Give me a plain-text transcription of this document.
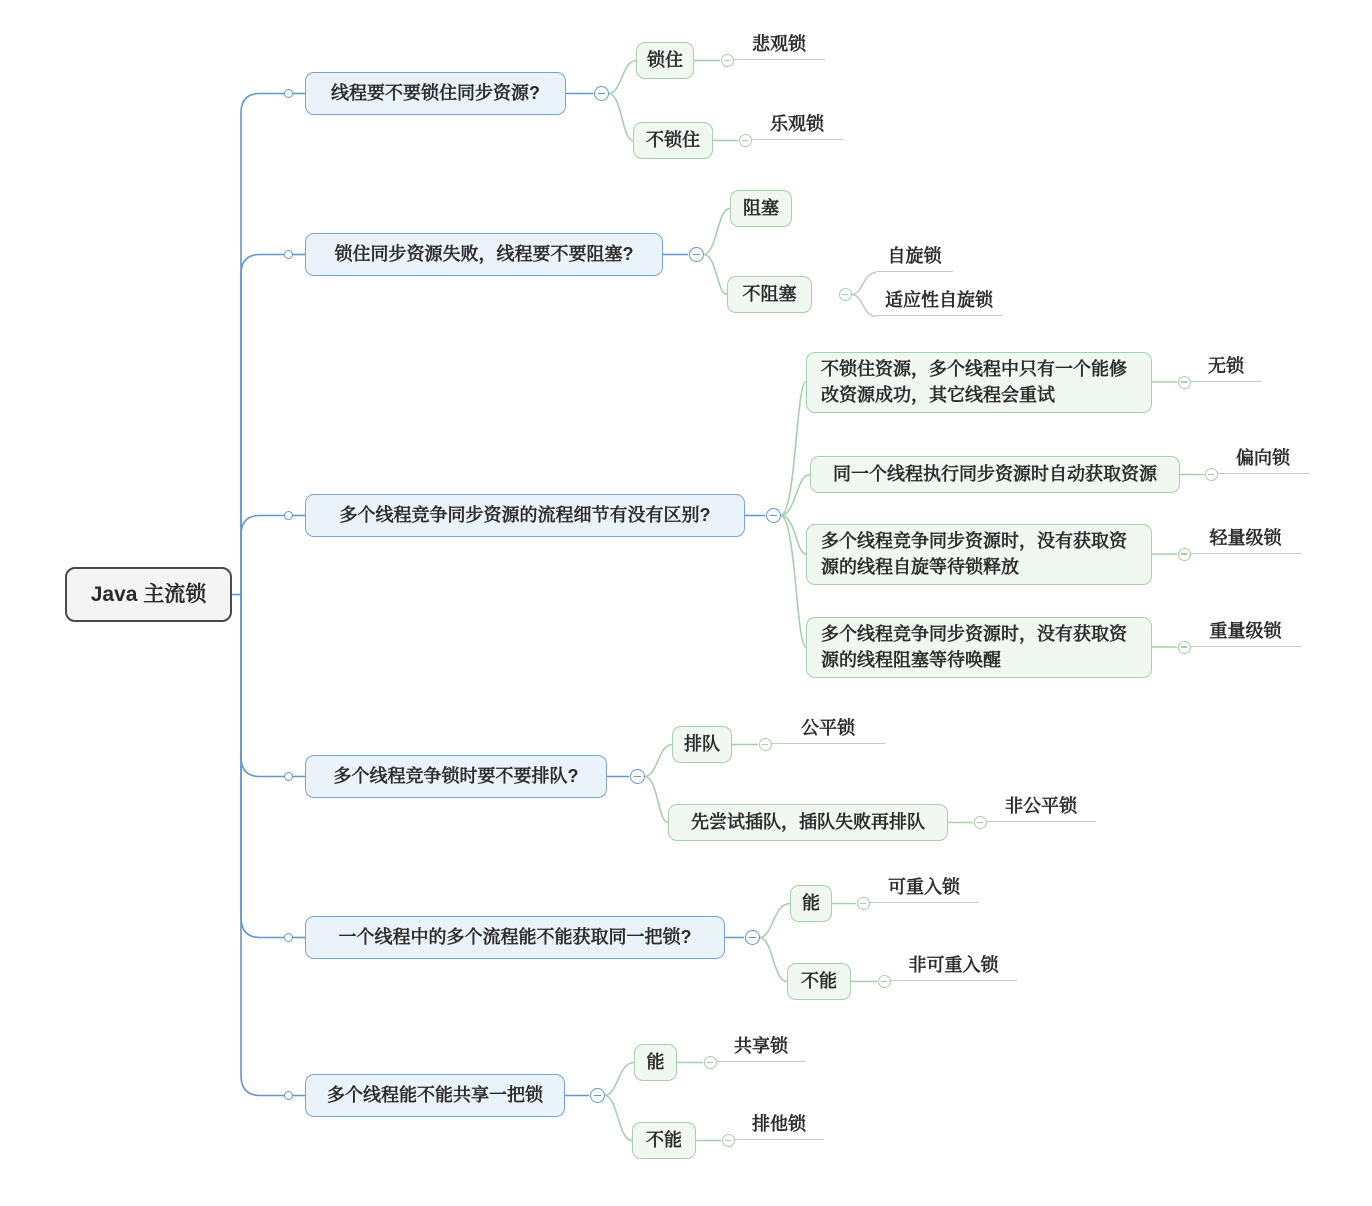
Java 主流锁
线程要不要锁住同步资源?
锁住同步资源失败，线程要不要阻塞?
多个线程竞争同步资源的流程细节有没有区别?
多个线程竞争锁时要不要排队?
一个线程中的多个流程能不能获取同一把锁?
多个线程能不能共享一把锁
锁住
不锁住
阻塞
不阻塞
不锁住资源，多个线程中只有一个能修改资源成功，其它线程会重试
同一个线程执行同步资源时自动获取资源
多个线程竞争同步资源时，没有获取资源的线程自旋等待锁释放
多个线程竞争同步资源时，没有获取资源的线程阻塞等待唤醒
排队
先尝试插队，插队失败再排队
能
不能
能
不能
悲观锁
乐观锁
自旋锁
适应性自旋锁
无锁
偏向锁
轻量级锁
重量级锁
公平锁
非公平锁
可重入锁
非可重入锁
共享锁
排他锁
